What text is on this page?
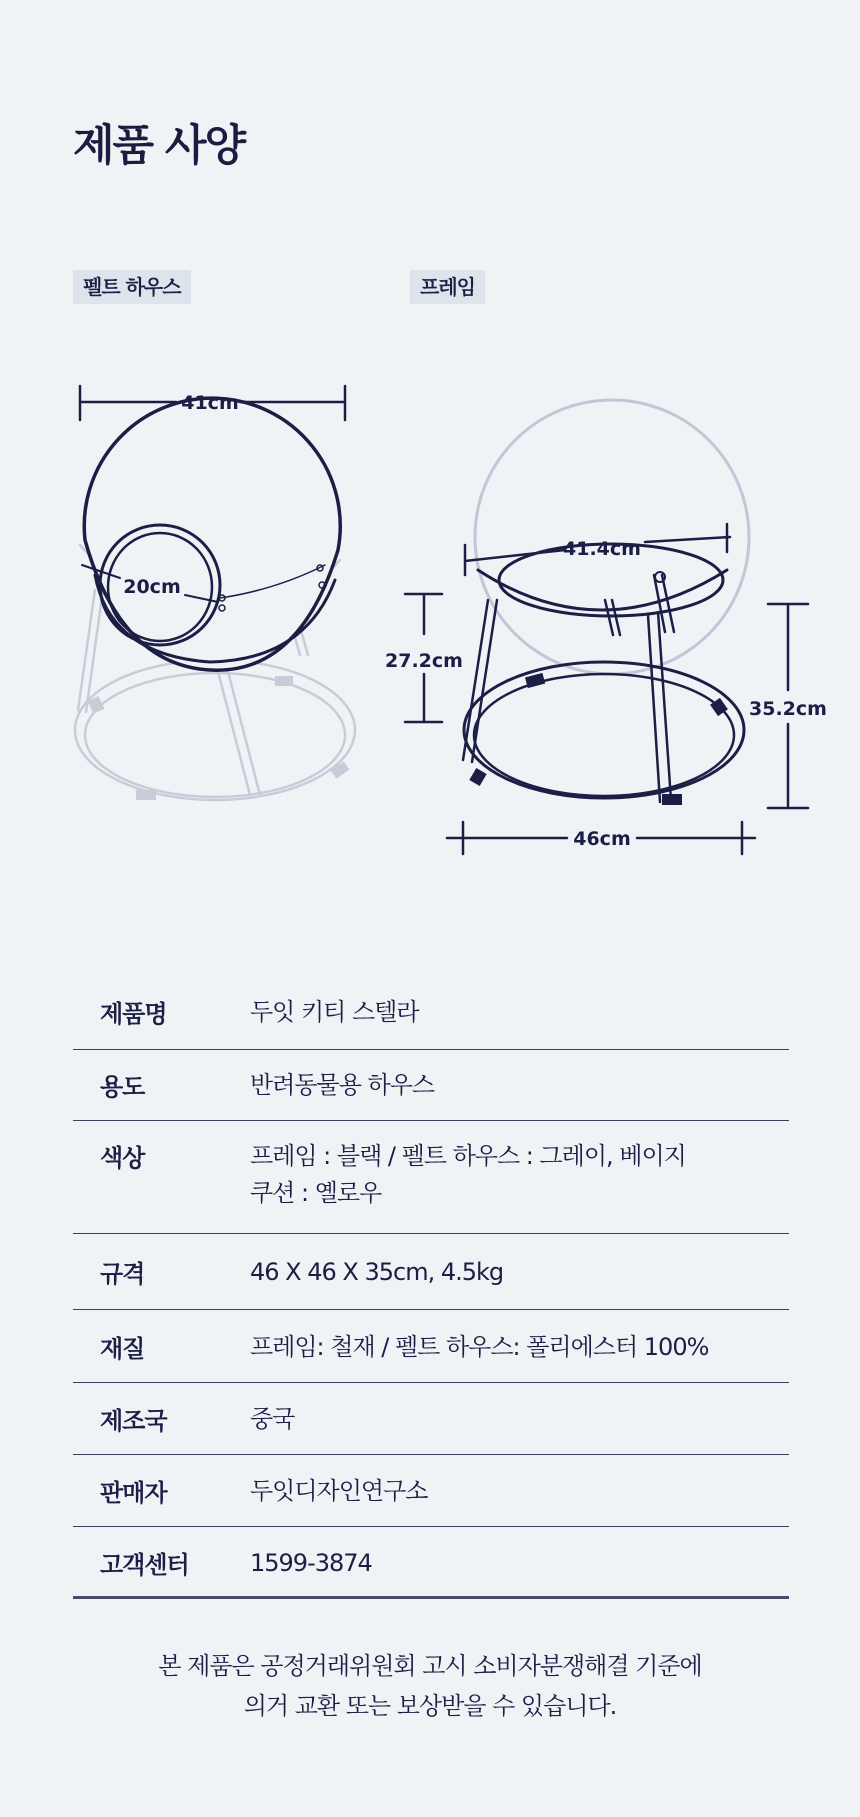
제품 사양
펠트 하우스	프레임
41cm
20cm
41.4cm
27.2cm
35.2cm
46cm
제품명	두잇 키티 스텔라

용도	반려동물용 하우스

색상	프레임 : 블랙 / 펠트 하우스 : 그레이, 베이지
쿠션 : 옐로우

규격	46 X 46 X 35cm, 4.5kg

재질	프레임: 철재 / 펠트 하우스: 폴리에스터 100%

제조국	중국

판매자	두잇디자인연구소

고객센터	1599-3874
본 제품은 공정거래위원회 고시 소비자분쟁해결 기준에
의거 교환 또는 보상받을 수 있습니다.
